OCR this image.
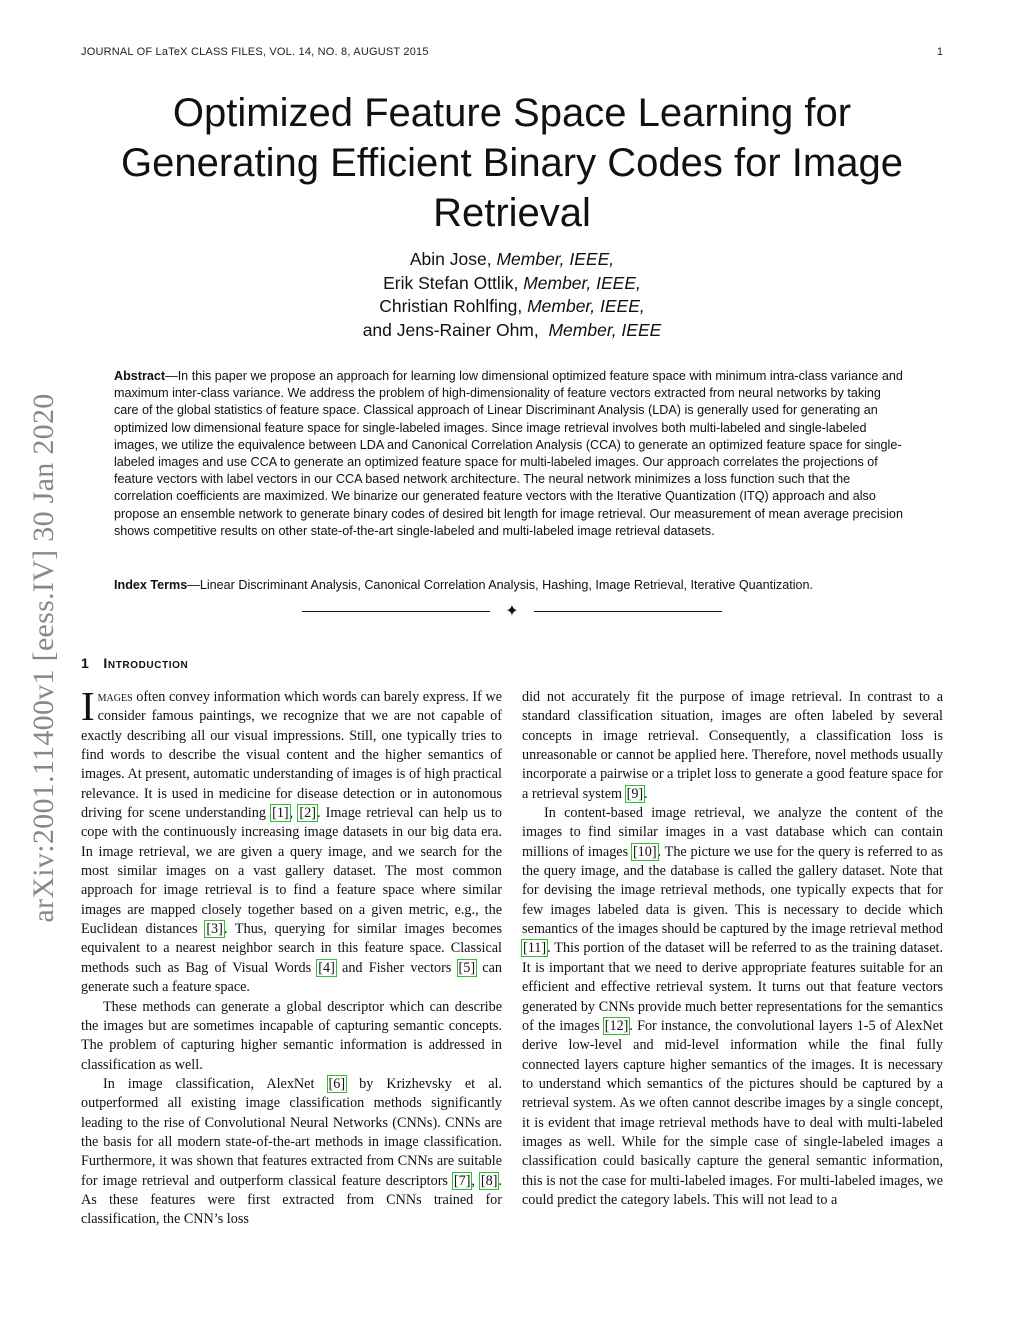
JOURNAL OF LaTeX CLASS FILES, VOL. 14, NO. 8, AUGUST 2015	1
arXiv:2001.11400v1 [eess.IV] 30 Jan 2020
Optimized Feature Space Learning for Generating Efficient Binary Codes for Image Retrieval
Abin Jose, Member, IEEE,
Erik Stefan Ottlik, Member, IEEE,
Christian Rohlfing, Member, IEEE,
and Jens-Rainer Ohm, Member, IEEE
Abstract—In this paper we propose an approach for learning low dimensional optimized feature space with minimum intra-class variance and maximum inter-class variance. We address the problem of high-dimensionality of feature vectors extracted from neural networks by taking care of the global statistics of feature space. Classical approach of Linear Discriminant Analysis (LDA) is generally used for generating an optimized low dimensional feature space for single-labeled images. Since image retrieval involves both multi-labeled and single-labeled images, we utilize the equivalence between LDA and Canonical Correlation Analysis (CCA) to generate an optimized feature space for single-labeled images and use CCA to generate an optimized feature space for multi-labeled images. Our approach correlates the projections of feature vectors with label vectors in our CCA based network architecture. The neural network minimizes a loss function such that the correlation coefficients are maximized. We binarize our generated feature vectors with the Iterative Quantization (ITQ) approach and also propose an ensemble network to generate binary codes of desired bit length for image retrieval. Our measurement of mean average precision shows competitive results on other state-of-the-art single-labeled and multi-labeled image retrieval datasets.
Index Terms—Linear Discriminant Analysis, Canonical Correlation Analysis, Hashing, Image Retrieval, Iterative Quantization.
✦
1 Introduction

Images often convey information which words can barely express. If we consider famous paintings, we recognize that we are not capable of exactly describing all our visual impressions. Still, one typically tries to find words to describe the visual content and the higher semantics of images. At present, automatic understanding of images is of high practical relevance. It is used in medicine for disease detection or in autonomous driving for scene understanding [1], [2]. Image retrieval can help us to cope with the continuously increasing image datasets in our big data era. In image retrieval, we are given a query image, and we search for the most similar images on a vast gallery dataset. The most common approach for image retrieval is to find a feature space where similar images are mapped closely together based on a given metric, e.g., the Euclidean distances [3]. Thus, querying for similar images becomes equivalent to a nearest neighbor search in this feature space. Classical methods such as Bag of Visual Words [4] and Fisher vectors [5] can generate such a feature space.

These methods can generate a global descriptor which can describe the images but are sometimes incapable of capturing semantic concepts. The problem of capturing higher semantic information is addressed in classification as well.

In image classification, AlexNet [6] by Krizhevsky et al. outperformed all existing image classification methods significantly leading to the rise of Convolutional Neural Networks (CNNs). CNNs are the basis for all modern state-of-the-art methods in image classification. Furthermore, it was shown that features extracted from CNNs are suitable for image retrieval and outperform classical feature descriptors [7], [8]. As these features were first extracted from CNNs trained for classification, the CNN’s loss

did not accurately fit the purpose of image retrieval. In contrast to a standard classification situation, images are often labeled by several concepts in image retrieval. Consequently, a classification loss is unreasonable or cannot be applied here. Therefore, novel methods usually incorporate a pairwise or a triplet loss to generate a good feature space for a retrieval system [9].

In content-based image retrieval, we analyze the content of the images to find similar images in a vast database which can contain millions of images [10]. The picture we use for the query is referred to as the query image, and the database is called the gallery dataset. Note that for devising the image retrieval methods, one typically expects that for few images labeled data is given. This is necessary to decide which semantics of the images should be captured by the image retrieval method [11]. This portion of the dataset will be referred to as the training dataset. It is important that we need to derive appropriate features suitable for an efficient and effective retrieval system. It turns out that feature vectors generated by CNNs provide much better representations for the semantics of the images [12]. For instance, the convolutional layers 1-5 of AlexNet derive low-level and mid-level information while the final fully connected layers capture higher semantics of the images. It is necessary to understand which semantics of the pictures should be captured by a retrieval system. As we often cannot describe images by a single concept, it is evident that image retrieval methods have to deal with multi-labeled images as well. While for the simple case of single-labeled images a classification could basically capture the general semantic information, this is not the case for multi-labeled images. For multi-labeled images, we could predict the category labels. This will not lead to a
